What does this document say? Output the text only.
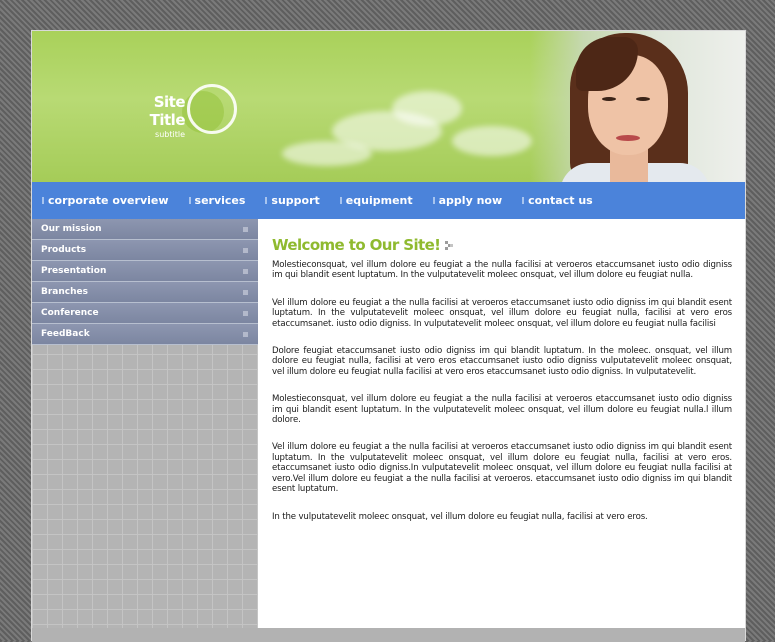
Site Title
subtitle
corporate overview services support equipment apply now contact us
Our mission
Products
Presentation
Branches
Conference
FeedBack
Welcome to Our Site!

Molestieconsquat, vel illum dolore eu feugiat a the nulla facilisi at veroeros etaccumsanet iusto odio digniss im qui blandit esent luptatum. In the vulputatevelit moleec onsquat, vel illum dolore eu feugiat nulla.

Vel illum dolore eu feugiat a the nulla facilisi at veroeros etaccumsanet iusto odio digniss im qui blandit esent luptatum. In the vulputatevelit moleec onsquat, vel illum dolore eu feugiat nulla, facilisi at vero eros etaccumsanet. iusto odio digniss. In vulputatevelit moleec onsquat, vel illum dolore eu feugiat nulla facilisi

Dolore feugiat etaccumsanet iusto odio digniss im qui blandit luptatum. In the moleec. onsquat, vel illum dolore eu feugiat nulla, facilisi at vero eros etaccumsanet iusto odio digniss vulputatevelit moleec onsquat, vel illum dolore eu feugiat nulla facilisi at vero eros etaccumsanet iusto odio digniss. In vulputatevelit.

Molestieconsquat, vel illum dolore eu feugiat a the nulla facilisi at veroeros etaccumsanet iusto odio digniss im qui blandit esent luptatum. In the vulputatevelit moleec onsquat, vel illum dolore eu feugiat nulla.l illum dolore.

Vel illum dolore eu feugiat a the nulla facilisi at veroeros etaccumsanet iusto odio digniss im qui blandit esent luptatum. In the vulputatevelit moleec onsquat, vel illum dolore eu feugiat nulla, facilisi at vero eros. etaccumsanet iusto odio digniss.In vulputatevelit moleec onsquat, vel illum dolore eu feugiat nulla facilisi at vero.Vel illum dolore eu feugiat a the nulla facilisi at veroeros. etaccumsanet iusto odio digniss im qui blandit esent luptatum.

In the vulputatevelit moleec onsquat, vel illum dolore eu feugiat nulla, facilisi at vero eros.
